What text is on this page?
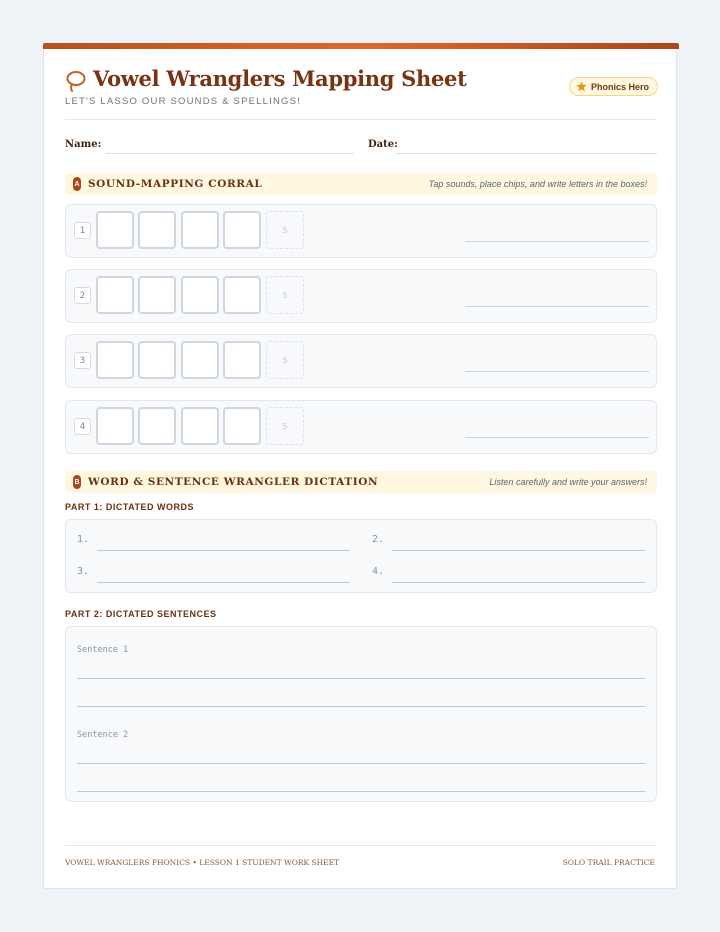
Vowel Wranglers Mapping Sheet
LET'S LASSO OUR SOUNDS & SPELLINGS!
Phonics Hero
Name:	Date:
A SOUND-MAPPING CORRAL	Tap sounds, place chips, and write letters in the boxes!
1	5
2	5
3	5
4	5
B WORD & SENTENCE WRANGLER DICTATION	Listen carefully and write your answers!
PART 1: DICTATED WORDS
1.	2.
3.	4.
PART 2: DICTATED SENTENCES
Sentence 1
Sentence 2
VOWEL WRANGLERS PHONICS • LESSON 1 STUDENT WORK SHEET	SOLO TRAIL PRACTICE
